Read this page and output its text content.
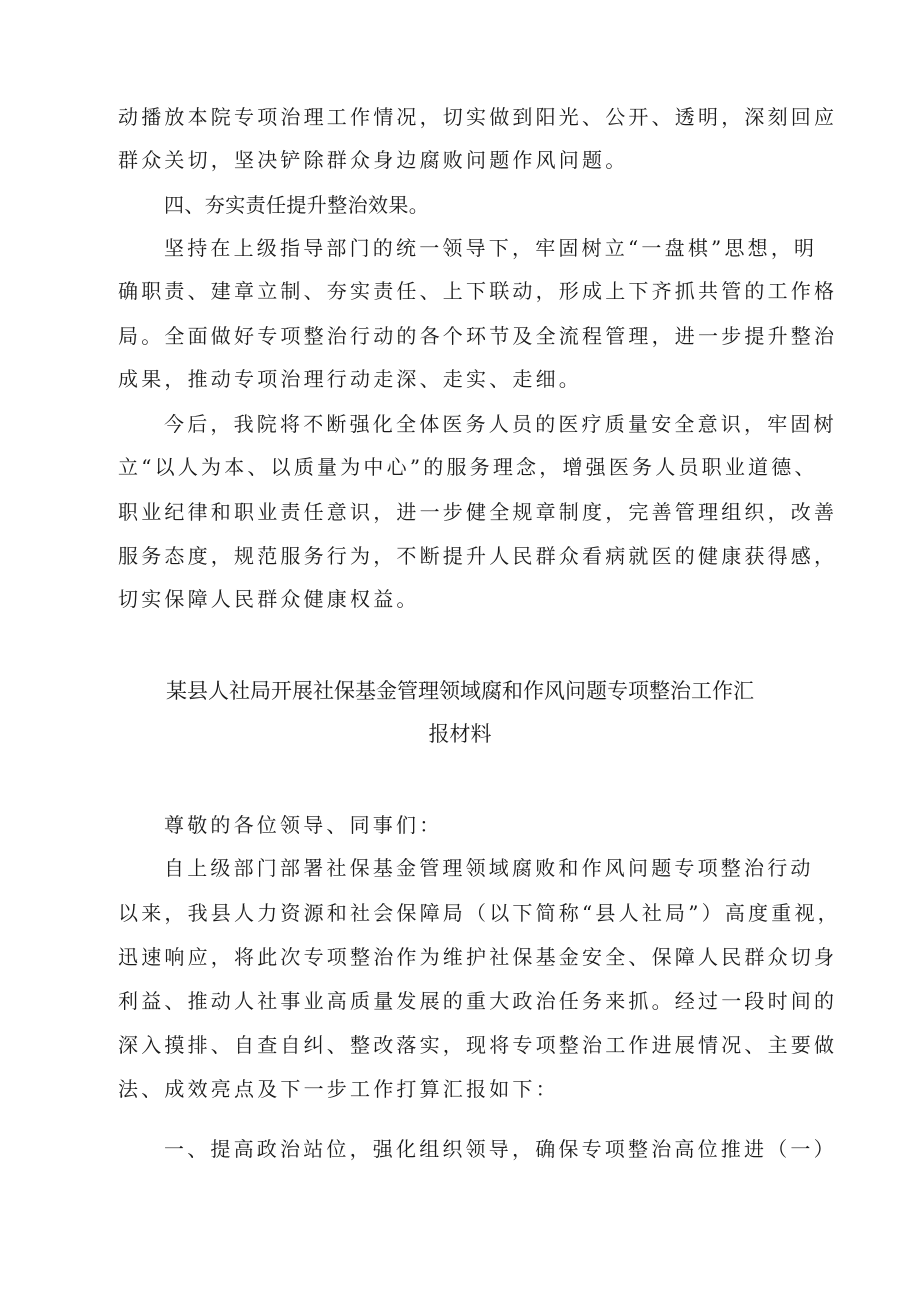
动播放本院专项治理工作情况，切实做到阳光、公开、透明，深刻回应
群众关切，坚决铲除群众身边腐败问题作风问题。
四、夯实责任提升整治效果。
坚持在上级指导部门的统一领导下，牢固树立“一盘棋”思想，明
确职责、建章立制、夯实责任、上下联动，形成上下齐抓共管的工作格
局。全面做好专项整治行动的各个环节及全流程管理，进一步提升整治
成果，推动专项治理行动走深、走实、走细。
今后，我院将不断强化全体医务人员的医疗质量安全意识，牢固树
立“以人为本、以质量为中心”的服务理念，增强医务人员职业道德、
职业纪律和职业责任意识，进一步健全规章制度，完善管理组织，改善
服务态度，规范服务行为，不断提升人民群众看病就医的健康获得感，
切实保障人民群众健康权益。
某县人社局开展社保基金管理领域腐和作风问题专项整治工作汇
报材料
尊敬的各位领导、同事们：
自上级部门部署社保基金管理领域腐败和作风问题专项整治行动
以来，我县人力资源和社会保障局（以下简称“县人社局”）高度重视，
迅速响应，将此次专项整治作为维护社保基金安全、保障人民群众切身
利益、推动人社事业高质量发展的重大政治任务来抓。经过一段时间的
深入摸排、自查自纠、整改落实，现将专项整治工作进展情况、主要做
法、成效亮点及下一步工作打算汇报如下：
一、提高政治站位，强化组织领导，确保专项整治高位推进（一）
